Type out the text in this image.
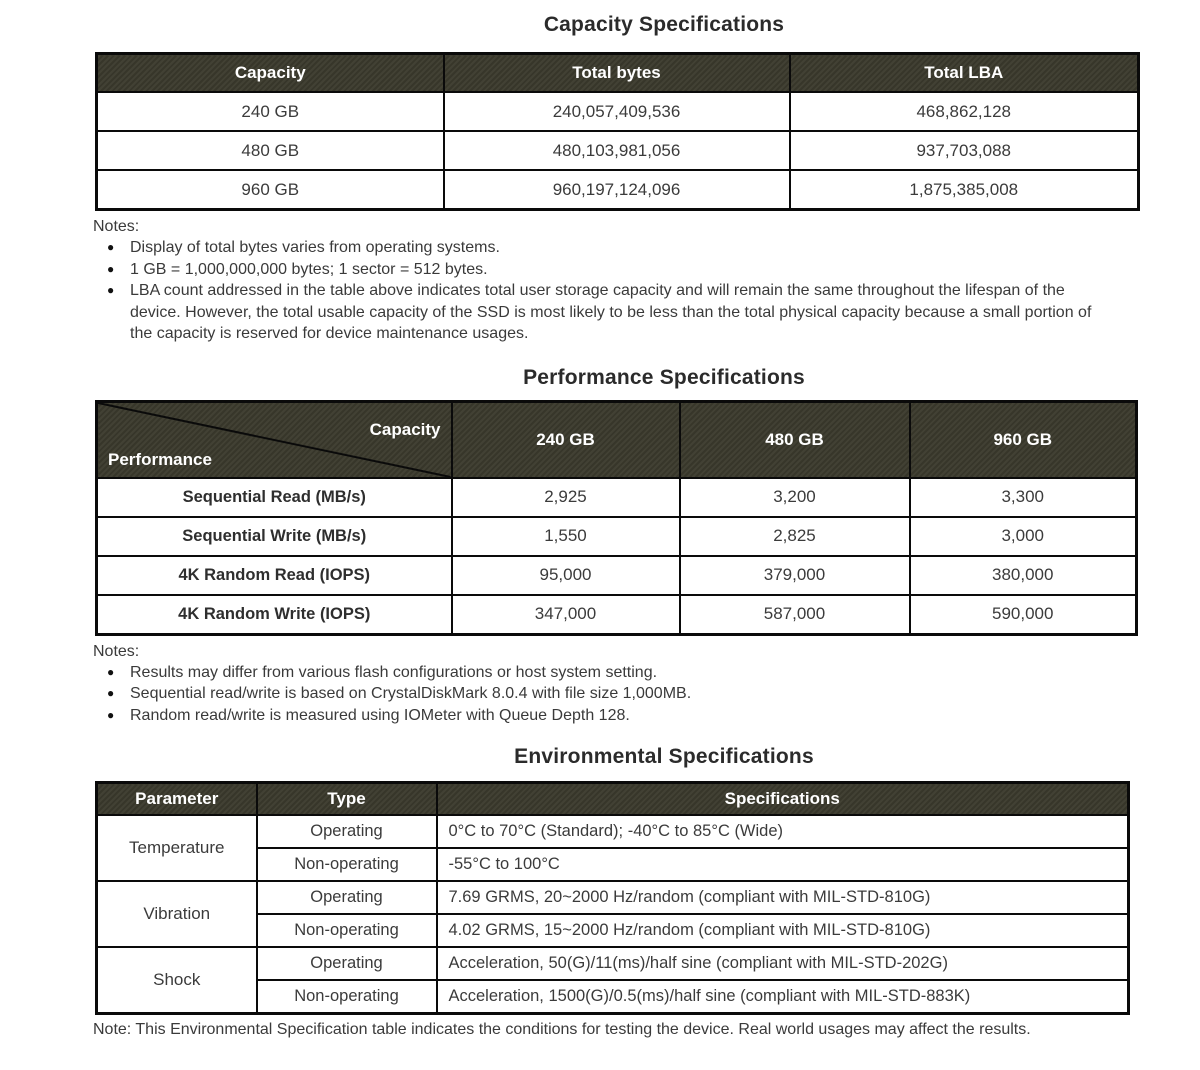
Capacity Specifications
Capacity	Total bytes	Total LBA
240 GB	240,057,409,536	468,862,128
480 GB	480,103,981,056	937,703,088
960 GB	960,197,124,096	1,875,385,008
Notes:
● Display of total bytes varies from operating systems.
● 1 GB = 1,000,000,000 bytes; 1 sector = 512 bytes.
● LBA count addressed in the table above indicates total user storage capacity and will remain the same throughout the lifespan of the device. However, the total usable capacity of the SSD is most likely to be less than the total physical capacity because a small portion of the capacity is reserved for device maintenance usages.
Performance Specifications
Capacity
Performance	240 GB	480 GB	960 GB
Sequential Read (MB/s)	2,925	3,200	3,300
Sequential Write (MB/s)	1,550	2,825	3,000
4K Random Read (IOPS)	95,000	379,000	380,000
4K Random Write (IOPS)	347,000	587,000	590,000
Notes:
● Results may differ from various flash configurations or host system setting.
● Sequential read/write is based on CrystalDiskMark 8.0.4 with file size 1,000MB.
● Random read/write is measured using IOMeter with Queue Depth 128.
Environmental Specifications
Parameter	Type	Specifications
Temperature	Operating	0°C to 70°C (Standard); -40°C to 85°C (Wide)
	Non-operating	-55°C to 100°C
Vibration	Operating	7.69 GRMS, 20~2000 Hz/random (compliant with MIL-STD-810G)
	Non-operating	4.02 GRMS, 15~2000 Hz/random (compliant with MIL-STD-810G)
Shock	Operating	Acceleration, 50(G)/11(ms)/half sine (compliant with MIL-STD-202G)
	Non-operating	Acceleration, 1500(G)/0.5(ms)/half sine (compliant with MIL-STD-883K)
Note: This Environmental Specification table indicates the conditions for testing the device. Real world usages may affect the results.
